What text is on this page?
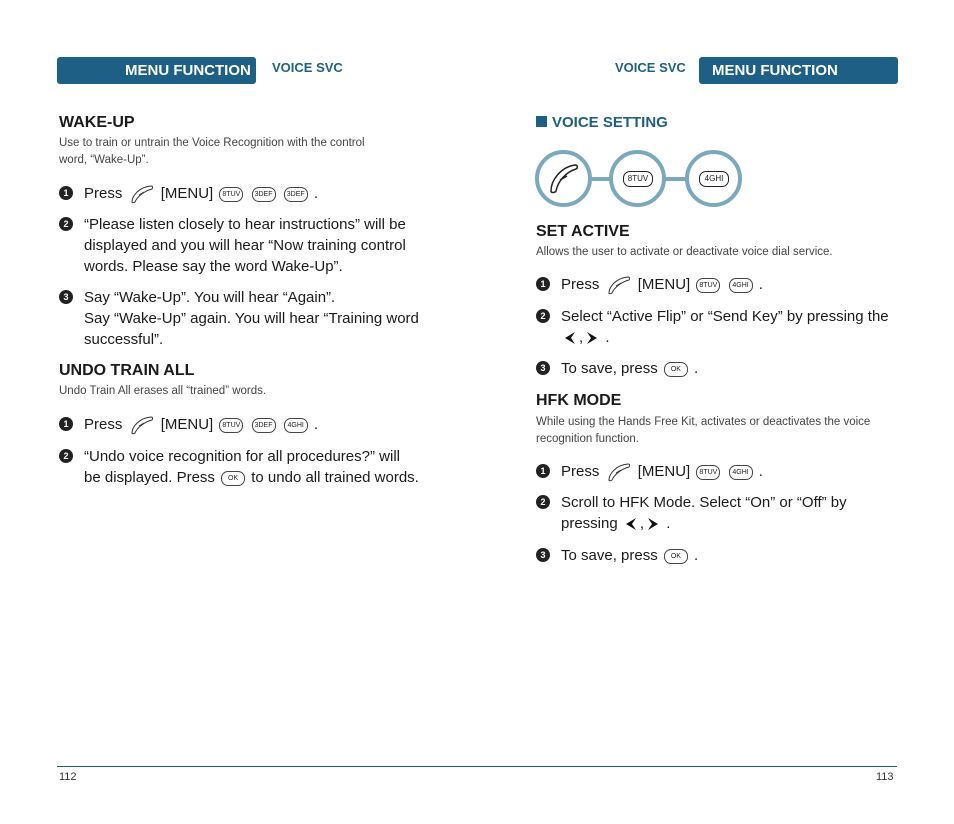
MENU FUNCTION	VOICE SVC	VOICE SVC	MENU FUNCTION
WAKE-UP
Use to train or untrain the Voice Recognition with the control
word, “Wake-Up”.
1	Press	[MENU] 8TUV 3DEF 3DEF .
2	“Please listen closely to hear instructions” will be
displayed and you will hear “Now training control
words. Please say the word Wake-Up”.
3	Say “Wake-Up”. You will hear “Again”.
Say “Wake-Up” again. You will hear “Training word
successful”.
UNDO TRAIN ALL
Undo Train All erases all “trained” words.
1	Press	[MENU] 8TUV 3DEF 4GHI .
2	“Undo voice recognition for all procedures?” will
be displayed. Press OK to undo all trained words.
VOICE SETTING
8TUV	4GHI
SET ACTIVE
Allows the user to activate or deactivate voice dial service.
1	Press	[MENU] 8TUV 4GHI .
2	Select “Active Flip” or “Send Key” by pressing the
, .
3	To save, press OK .
HFK MODE
While using the Hands Free Kit, activates or deactivates the voice
recognition function.
1	Press	[MENU] 8TUV 4GHI .
2	Scroll to HFK Mode. Select “On” or “Off” by
pressing , .
3	To save, press OK .
112	113
